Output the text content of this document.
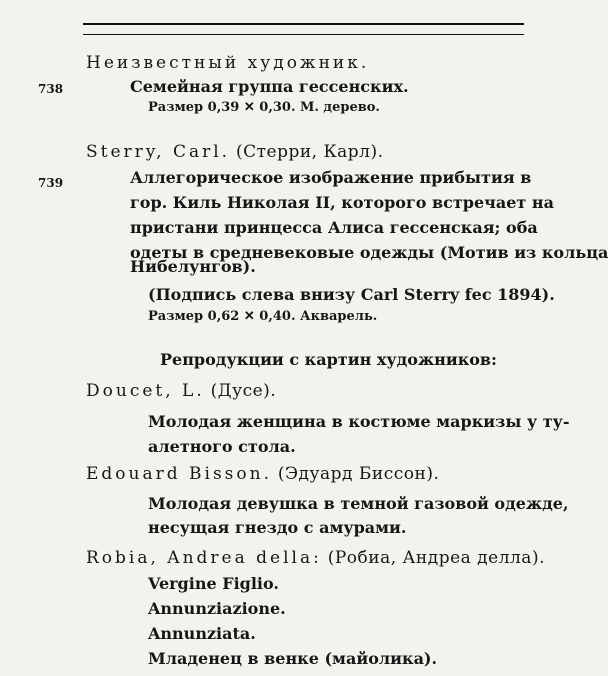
738
Неизвестный художник.
Семейная группа гессенских.
Размер 0,39 ✕ 0,30. М. дерево.
Sterry, Carl. (Стерри, Карл).
739	Аллегорическое изображение прибытия в
гор. Киль Николая II, которого встречает на
пристани принцесса Алиса гессенская; оба
одеты в средневековые одежды (Мотив из кольца
Нибелунгов).
(Подпись слева внизу Carl Sterry fec 1894).
Размер 0,62 ✕ 0,40. Акварель.
Репродукции с картин художников:
Doucet, L. (Дусе).
Молодая женщина в костюме маркизы у ту-
алетного стола.
Edouard Bisson. (Эдуард Биссон).
Молодая девушка в темной газовой одежде,
несущая гнездо с амурами.
Robia, Andrea della: (Робиа, Андреа делла).
Vergine Figlio.
Annunziazione.
Annunziata.
Младенец в венке (майолика).
